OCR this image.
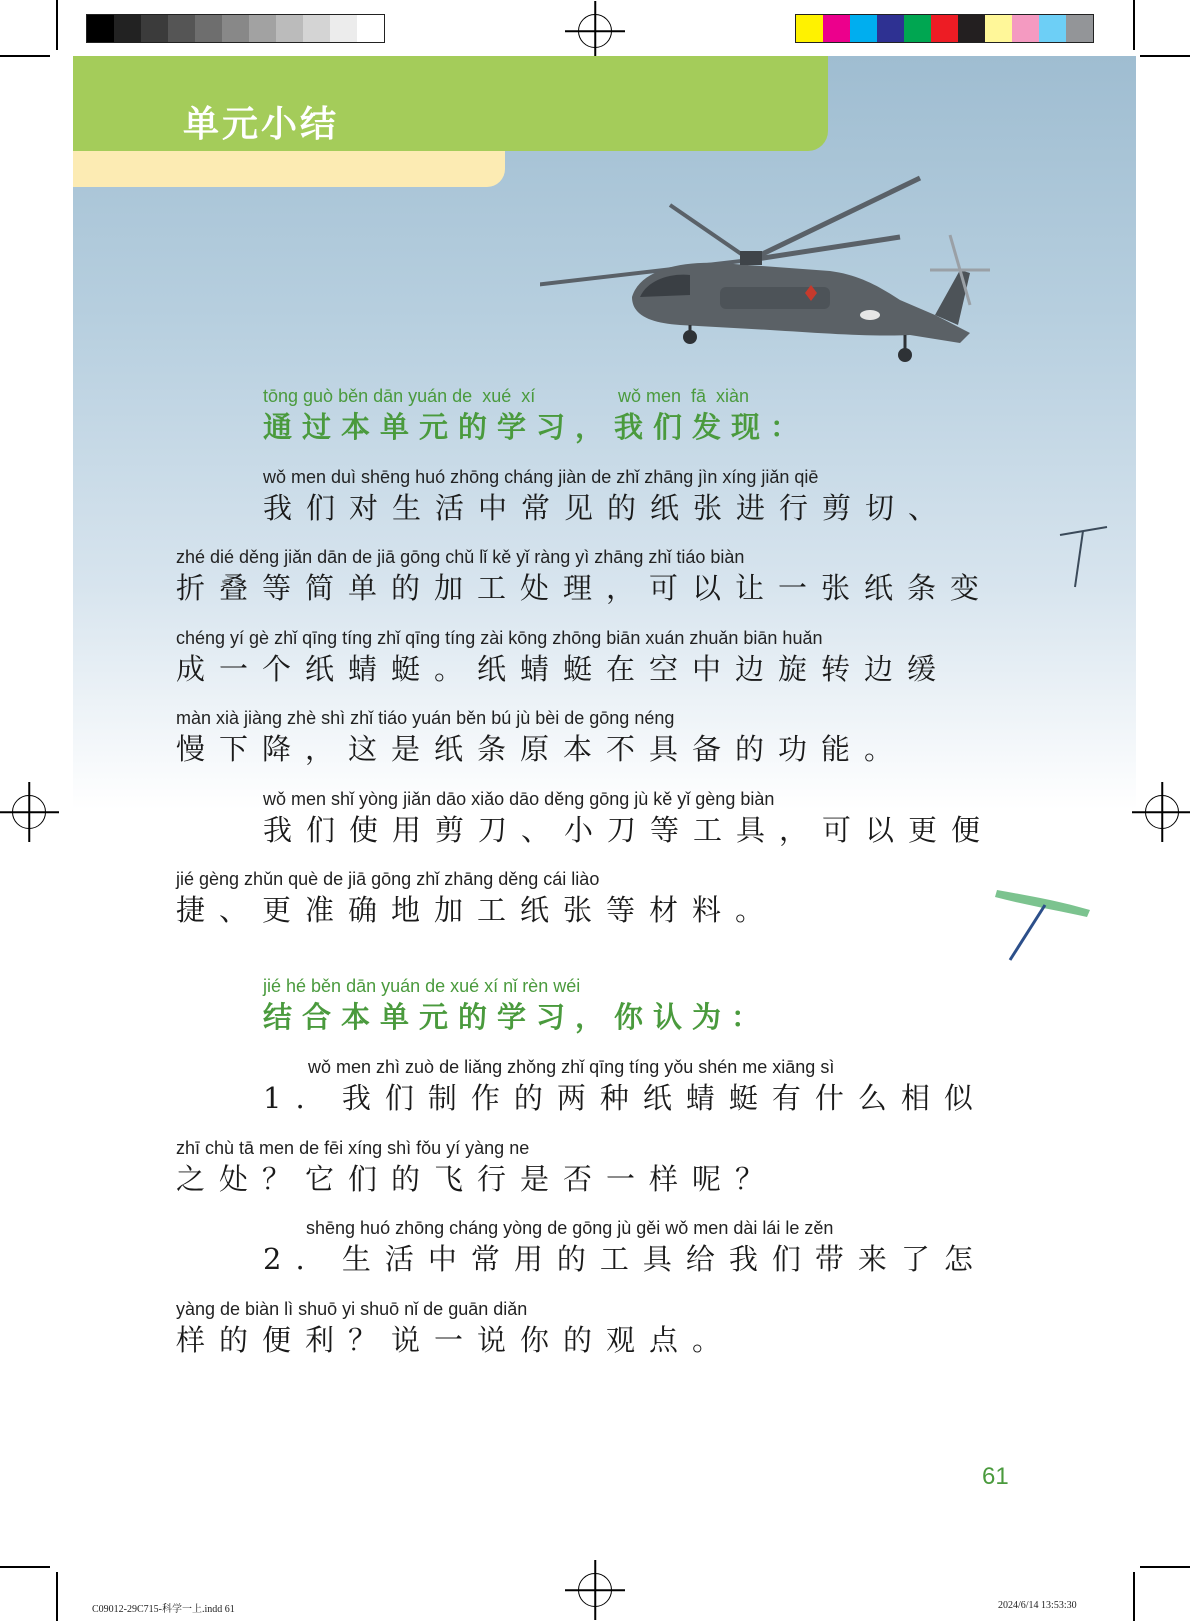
单元小结
tōng guò běn dān yuán de  xué  xí	wǒ men  fā  xiàn
通过本单元的学习，我们发现：
wǒ men duì shēng huó zhōng cháng jiàn de zhǐ zhāng jìn xíng jiǎn qiē
我们对生活中常见的纸张进行剪切、
zhé dié děng jiǎn dān de jiā gōng chǔ lǐ kě yǐ ràng yì zhāng zhǐ tiáo biàn
折叠等简单的加工处理，可以让一张纸条变
chéng yí gè zhǐ qīng tíng zhǐ qīng tíng zài kōng zhōng biān xuán zhuǎn biān huǎn
成一个纸蜻蜓。纸蜻蜓在空中边旋转边缓
màn xià jiàng zhè shì zhǐ tiáo yuán běn bú jù bèi de gōng néng
慢下降，这是纸条原本不具备的功能。
wǒ men shǐ yòng jiǎn dāo xiǎo dāo děng gōng jù kě yǐ gèng biàn
我们使用剪刀、小刀等工具，可以更便
jié gèng zhǔn què de jiā gōng zhǐ zhāng děng cái liào
捷、更准确地加工纸张等材料。
jié hé běn dān yuán de xué xí nǐ rèn wéi
结合本单元的学习，你认为：
wǒ men zhì zuò de liǎng zhǒng zhǐ qīng tíng yǒu shén me xiāng sì
1. 我们制作的两种纸蜻蜓有什么相似
zhī chù tā men de fēi xíng shì fǒu yí yàng ne
之处？它们的飞行是否一样呢？
shēng huó zhōng cháng yòng de gōng jù gěi wǒ men dài lái le zěn
2. 生活中常用的工具给我们带来了怎
yàng de biàn lì shuō yi shuō nǐ de guān diǎn
样的便利？说一说你的观点。
61
C09012-29C715-科学一上.indd 61	2024/6/14 13:53:30
